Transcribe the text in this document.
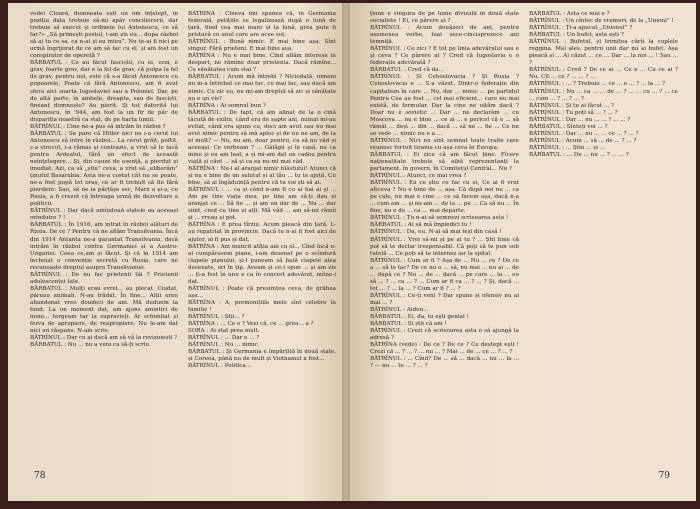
vedei Cioară, dumneata ești un om înțelept, în poziția data trebuie să-mi apăr concilierorii, dar trebuie să execut și ordinele lui Antonescu, ce să fac?» „Să primești postul, i-am zis eu... dupa război să ai tu ce sa, ca n-ai și eu mieu”. Nu te-ai fi nici pe urmă îngrijorat de ce am să fac cu el. și am fost un conspirator de operetă ?

BĂRBATUL : Ce au făcut fasciștii, cu ei, vezi, e grav, foarte grav, dar e la fel de grav, că pulpa la fel de grav, pentru noi, este că s-a făcut Antonescu cu popoarele, Poate că fără Antonescu, am fi avut sfera aici soarta Iugoslaviei sau a Poloniei. Dar, pe de altă parte, în ambele, dreapta, sau de fasciști, fineanț domnește? Au pierit. Și tot datorită lui Antonescu, în '944, am fost la un fir de păr de dispariția noastră ca stat, de pe harta lumii.

BĂTRÎNUL : Cine ne-a pus să intrăm în război ?

BĂRBATUL : Se pare că Hitler nici nu i-a cerut lui Antonescu să intre în război... La cerut grăit, poftit, s-a strecut, i-a rămas și contrazis, a vrut să le facă pentru Ardealul, fără un efect de această neînțelegere... Și, din cauze de esență, a pierdut și imediat. Azi, ca să „știu” ceva, a vrut să „eliberăm” ținutul Basarabia. Asta ne-a costat cât nu se poate, ne-a fost pupă tot oraș, ce ar fi trebuit să fie fără pierdere: Sau, să ne ia părtășe sec, Marx a și-a, cu Rusia, a fi crezut că întreaga urmă de dezvoltare a politicii.

BĂTRÎNUL : Dar dacă amîndouă statele au aceeași orînduire ? !

BĂRBATUL : În 1916, am intrat în război alături de Rusia. De ce ? Pentru că ne aflăm Transilvania. Încă din 1914 Antanta ne-a garantat Transilvania, dacă intrăm în război contra Germaniei și a Austro-Ungariei. Ceea ce,am și făcut. Și că în 1914 am încheiat o convenție secretă cu Rusia, care ne recunoaște dreptul asupra Transilvaniei.

BĂTRÎNUL : De nu fac prietenii tăi ? Prietenii adolescenței tale.

BĂRBATUL : Mulți erau evrei... au plecat. Ciudat, păreau animali. N-au trădat. În fine... Alții erau abandonat vreo doudeci de ani. Mă duduem la fund. La un moment dat, am ajuns amintiri de mine... tergeam tar la supravieți. Ar schimbat și ferva de apropiere, de reapropiere. Nu le-am dat nici un răspuns. N-am scris.

BĂTRÎNUL : Dar ce ai dacă am să vă la revizuiești ?

BĂRBATUL : Nu ... nu a veni ca să-ți scriu.

BĂTRÎNA : Cineva îmi spunea că, în Germania federală, petițiile se legalizează după o lună de țară, fiind cea mai mare și la lună, grea pute fi pristavă cu unul care are acee soț.

BĂTRÎNUL : Bună nimic. E mai bine așa. Sînt singur. Fără prieteni. E mai bine așa.

BĂTRÎNA : Nu e mai bine. Cînd aflăm interese te despart, ne rămîne doar prietenia. Dacă rămîne... Cu sănătatea cum stai ?

BĂRBATUL : Acum mă întrebi ? Niciodată, nimeni nu m-a întrebat ce mai fac, ce mai fac, sau dacă am nimic. Ce zic eu, nu mi-am dreptul să zic și sănătate nu e un vis?

BĂTRÎNA : Ai somnul bun ?

BĂRBATUL : De fapt, că am alinat de la o cină tăcută de exiliu, când era de șapte ani, numai mi-au evitat, când era ajuns cu, deci am avut sau nu mai avut nimic pentru să mă aplec și de nu ne am, de la el mult? — Nu, nu am, doar pentru, ca să nu văd și aceeași. Ce vorbeam ? ... Gălăgii și în casă, nu ca mine și eu am luat, a și mi-am dat un cadou pentru viață și cânt ... să și ca ea nu-mi mai văd.

BĂTRÎNA : Nu-i al aranjat nimic blăstului! Atunci că și nu e bine de un salutul și al tău ... tu te ajută. Cu bine, să ai îngăduință pentru că tu voi ști să ai.

BĂTRÎNUL : ... ca și când n-am fi cu ai hai ai și ... Am pe tine viața mea, pe tine am să-ți dau și aranjat ce ... Să fie ... și am un dar de ... Nu ... dar simt, cred cu tine și alți. Mă văd ... am să-mi rămîi și ... vreau și pot.

BĂTRÎNA : E prea tîrziu. Acum pleacă din țară. L-au repatriat în provincie. Dacă tu n-ai fi fost aici de ajutor, ai fi pus și dat.

BĂTRÎNA : Am muncit atîția ani cu el... Cînd încă n-ai cumpărasem piane, i-am desenat pe o scîndură clapele pianului, și-l puneam să bată clapele alea desenate, ori în țip. Aveam și ce-i spun ... și am zis ... ți-a fost în unu e ca în concert adevărat, mîine-i dat.

BĂTRÎNUL : Poate că presimțea ceva, de grăbea așa...

BĂTRÎNA : A, premonițiile mele sînt celebre în familie !

BĂTRÎNUL : Știi... ?

BĂTRÎNA : ... Ce e ? Vezi că, ce ... grea... a ?

SORA : Ai stat prea mult.

BĂTRÎNUL : ... Dar e ... ?

BĂTRÎNUL : Nu ... nimic.

BĂRBATUL : Și Germania e împărțită în două state, și Coreea, până nu de mult și Vietnamul a fost...

BĂTRÎNUL : Politica...

78

țiune e singura de pe lume divizată în două state socialiste ! Ei, ce părere ai ?

BĂTRÎNUL : Acum douăzeci de ani, pentru asemenea vorbe, luai zece-cincisprezece ani temniță.

BĂTRÎNUL : Ce zici ? E tot pe linia adevărului sau e și ceva ? Ce părere ai ? Cred că Iugoslavia e o federație adevărată ?

BĂRBATUL : Cred că da...

BĂTRÎNUL : Și Cehoslovacia ? Și Rusia ? Cehoslovacia e ... S-a văzut. Dintr-o federație din capitalism în care ... Nu, dar ... nimic ... pe partidul Pentru Cea au fost ... cel mai eficient... care nu mai există, de formular. Dar la cine ne uităm dacă ? Doar nu e sovietic ... Dar ... ne declarăm ... cu Moscova ... nu e bine ... ce ai ... e pericol că e ... să rămâi ... deși ... din ... dacă ... să ne ... fie ... Ce nu se vede ... nimic nu e a ...

BĂTRÎNUL : Nici nu sînt semnat toate traite care reunesc fortuit tirania cu așa ceva în Europa.

BĂRBATUL : Ei zice că am făcut bine. Fîcere naționalitate trebuie să aibă reprezentanți la parlament, în guvern, în Comitetul Central... Nu ?

BĂTRÎNUL : Atunci, ce mai vrea ?

BĂTRÎNUL : Eu ce știu ce fac cu ei, Ce ai fi vrut altceva ? Nu e bine de ... așa. Că după noi nu ... ca pe cale, nu mai e cine ... ce să facem așa, dacă n-a ... cum am ... și ne-am ... de la ... pe ... Ca să nu ... În fine, nu e de ... ca ... mai departe.

BĂTRÎNUL : Tu n-ai să semnezi scrisoarea asta !

BĂRBATUL : Ai să mă împiedici tu !

BĂTRÎNUL : Da, eu. N-ai să mai ieși din casă !

BĂTRÎNUL : Vrei să-mi și pe ai tu ? ... Știi bine că pot să te declar iresponsabil. Că poți să te pun sub tutelă ... Ce poți să te internez iar la spital.

BĂTRÎNUL : Cum ar fi ? Așa de ... Nu ... ce ? De ce a ... să te fac? De ce nu o ... să, nu mai ... nu ai ... de ... după ce ? Nu ... de ... dacă ... pe care ... la ... eu să ... ? ... ca ... ? ... Cum ar fi ca ... ? ... ? Și, dacă ... tot ... ? ... la ... ? Cum ar fi ? ... ?

BĂTRÎNUL : Ce-ți veni ? Dar spune și ofensiv nu ai mai ... ?

BĂTRÎNUL : Aiden...

BĂRBATUL : Ei, da, tu ești genial !

BĂRBATUL : Si știi că am !

BĂTRÎNUL : Crezi că scrisoarea asta o să ajungă la adresă ?

BĂTRÎNA (vede) : De ce ? De ce ? Ce deștept ești ! Crezi că ... ? ... ? ... nu ... ? Mai ... de ... ce ... ? ... ?

BĂTRÎNUL : ... Cînd? De ... să ... dacă ... nu ... la ... ? — nu ... te ... ? ... ?

BĂRBATUL : Asta ce mai e ?

BĂTRÎNUL : Un cîntec de vremuri, de la „Unioni” !

BĂTRÎNUL : Ți-a apucat „Unionul” ?

BĂRBATUL : Un bufet, asta ești ?

BĂTRÎNUL : Bufetul, și trimitea cărți la cuplele reggina. Mai ales, pentru unii dar nu ai bufet. Așa pleacă și ... Ai căzut ... ce ... Dar ... la noi ... ! Sau ... ?

BĂTRÎNUL : Cred ? De ce ai ... Ce e ... Cu ce ai ? Nu. Cît ... ce ? ... ... ? ...

BĂTRÎNUL : ... ? Trebuie ... ce ... e ... ? ... la ... ?

BĂTRÎNUL : Nu ... ca ... ... de ... ? ... ... cu ... ? ... ce ... cum ... ? ... ? ... ?

BĂTRÎNUL : Și tu ai făcut ... ?

BĂTRÎNUL : Tu poți să ... ? ... ?

BĂTRÎNUL : Dar ... nu ... ... ? ... ... ?

BĂRBATUL : Sînteți voi ... ?

BĂTRÎNUL : Dar ... nu ... ... ce ... ? ... ?

BĂTRÎNUL : Acum ... să ... de ... ? ... ?

BĂTRÎNUL : ... Știu ... și ...

BĂRBATUL : ... De ... nu ... ? ... ... ?

79
